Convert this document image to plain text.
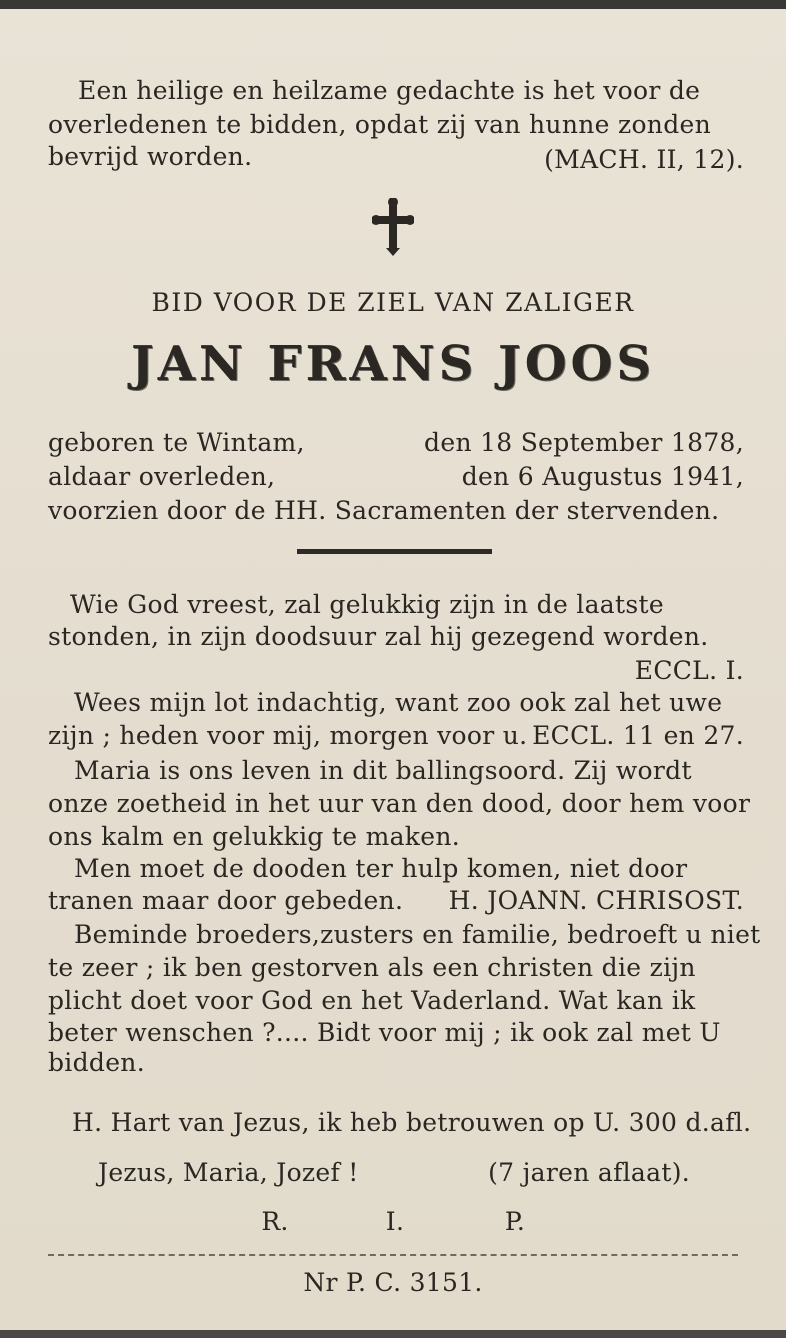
Een heilige en heilzame gedachte is het voor de
overledenen te bidden, opdat zij van hunne zonden
bevrijd worden.	(MACH. II, 12).
BID VOOR DE ZIEL VAN ZALIGER
JAN FRANS JOOS
geboren te Wintam,	den 18 September 1878,
aldaar overleden,	den 6 Augustus 1941,
voorzien door de HH. Sacramenten der stervenden.
Wie God vreest, zal gelukkig zijn in de laatste
stonden, in zijn doodsuur zal hij gezegend worden.
ECCL. I.
Wees mijn lot indachtig, want zoo ook zal het uwe
zijn ; heden voor mij, morgen voor u. ECCL. 11 en 27.
Maria is ons leven in dit ballingsoord. Zij wordt
onze zoetheid in het uur van den dood, door hem voor
ons kalm en gelukkig te maken.
Men moet de dooden ter hulp komen, niet door
tranen maar door gebeden. H. JOANN. CHRISOST.
Beminde broeders,zusters en familie, bedroeft u niet
te zeer ; ik ben gestorven als een christen die zijn
plicht doet voor God en het Vaderland. Wat kan ik
beter wenschen ?.... Bidt voor mij ; ik ook zal met U
bidden.
H. Hart van Jezus, ik heb betrouwen op U. 300 d.afl.
Jezus, Maria, Jozef !	(7 jaren aflaat).
R.	I.	P.
Nr P. C. 3151.
